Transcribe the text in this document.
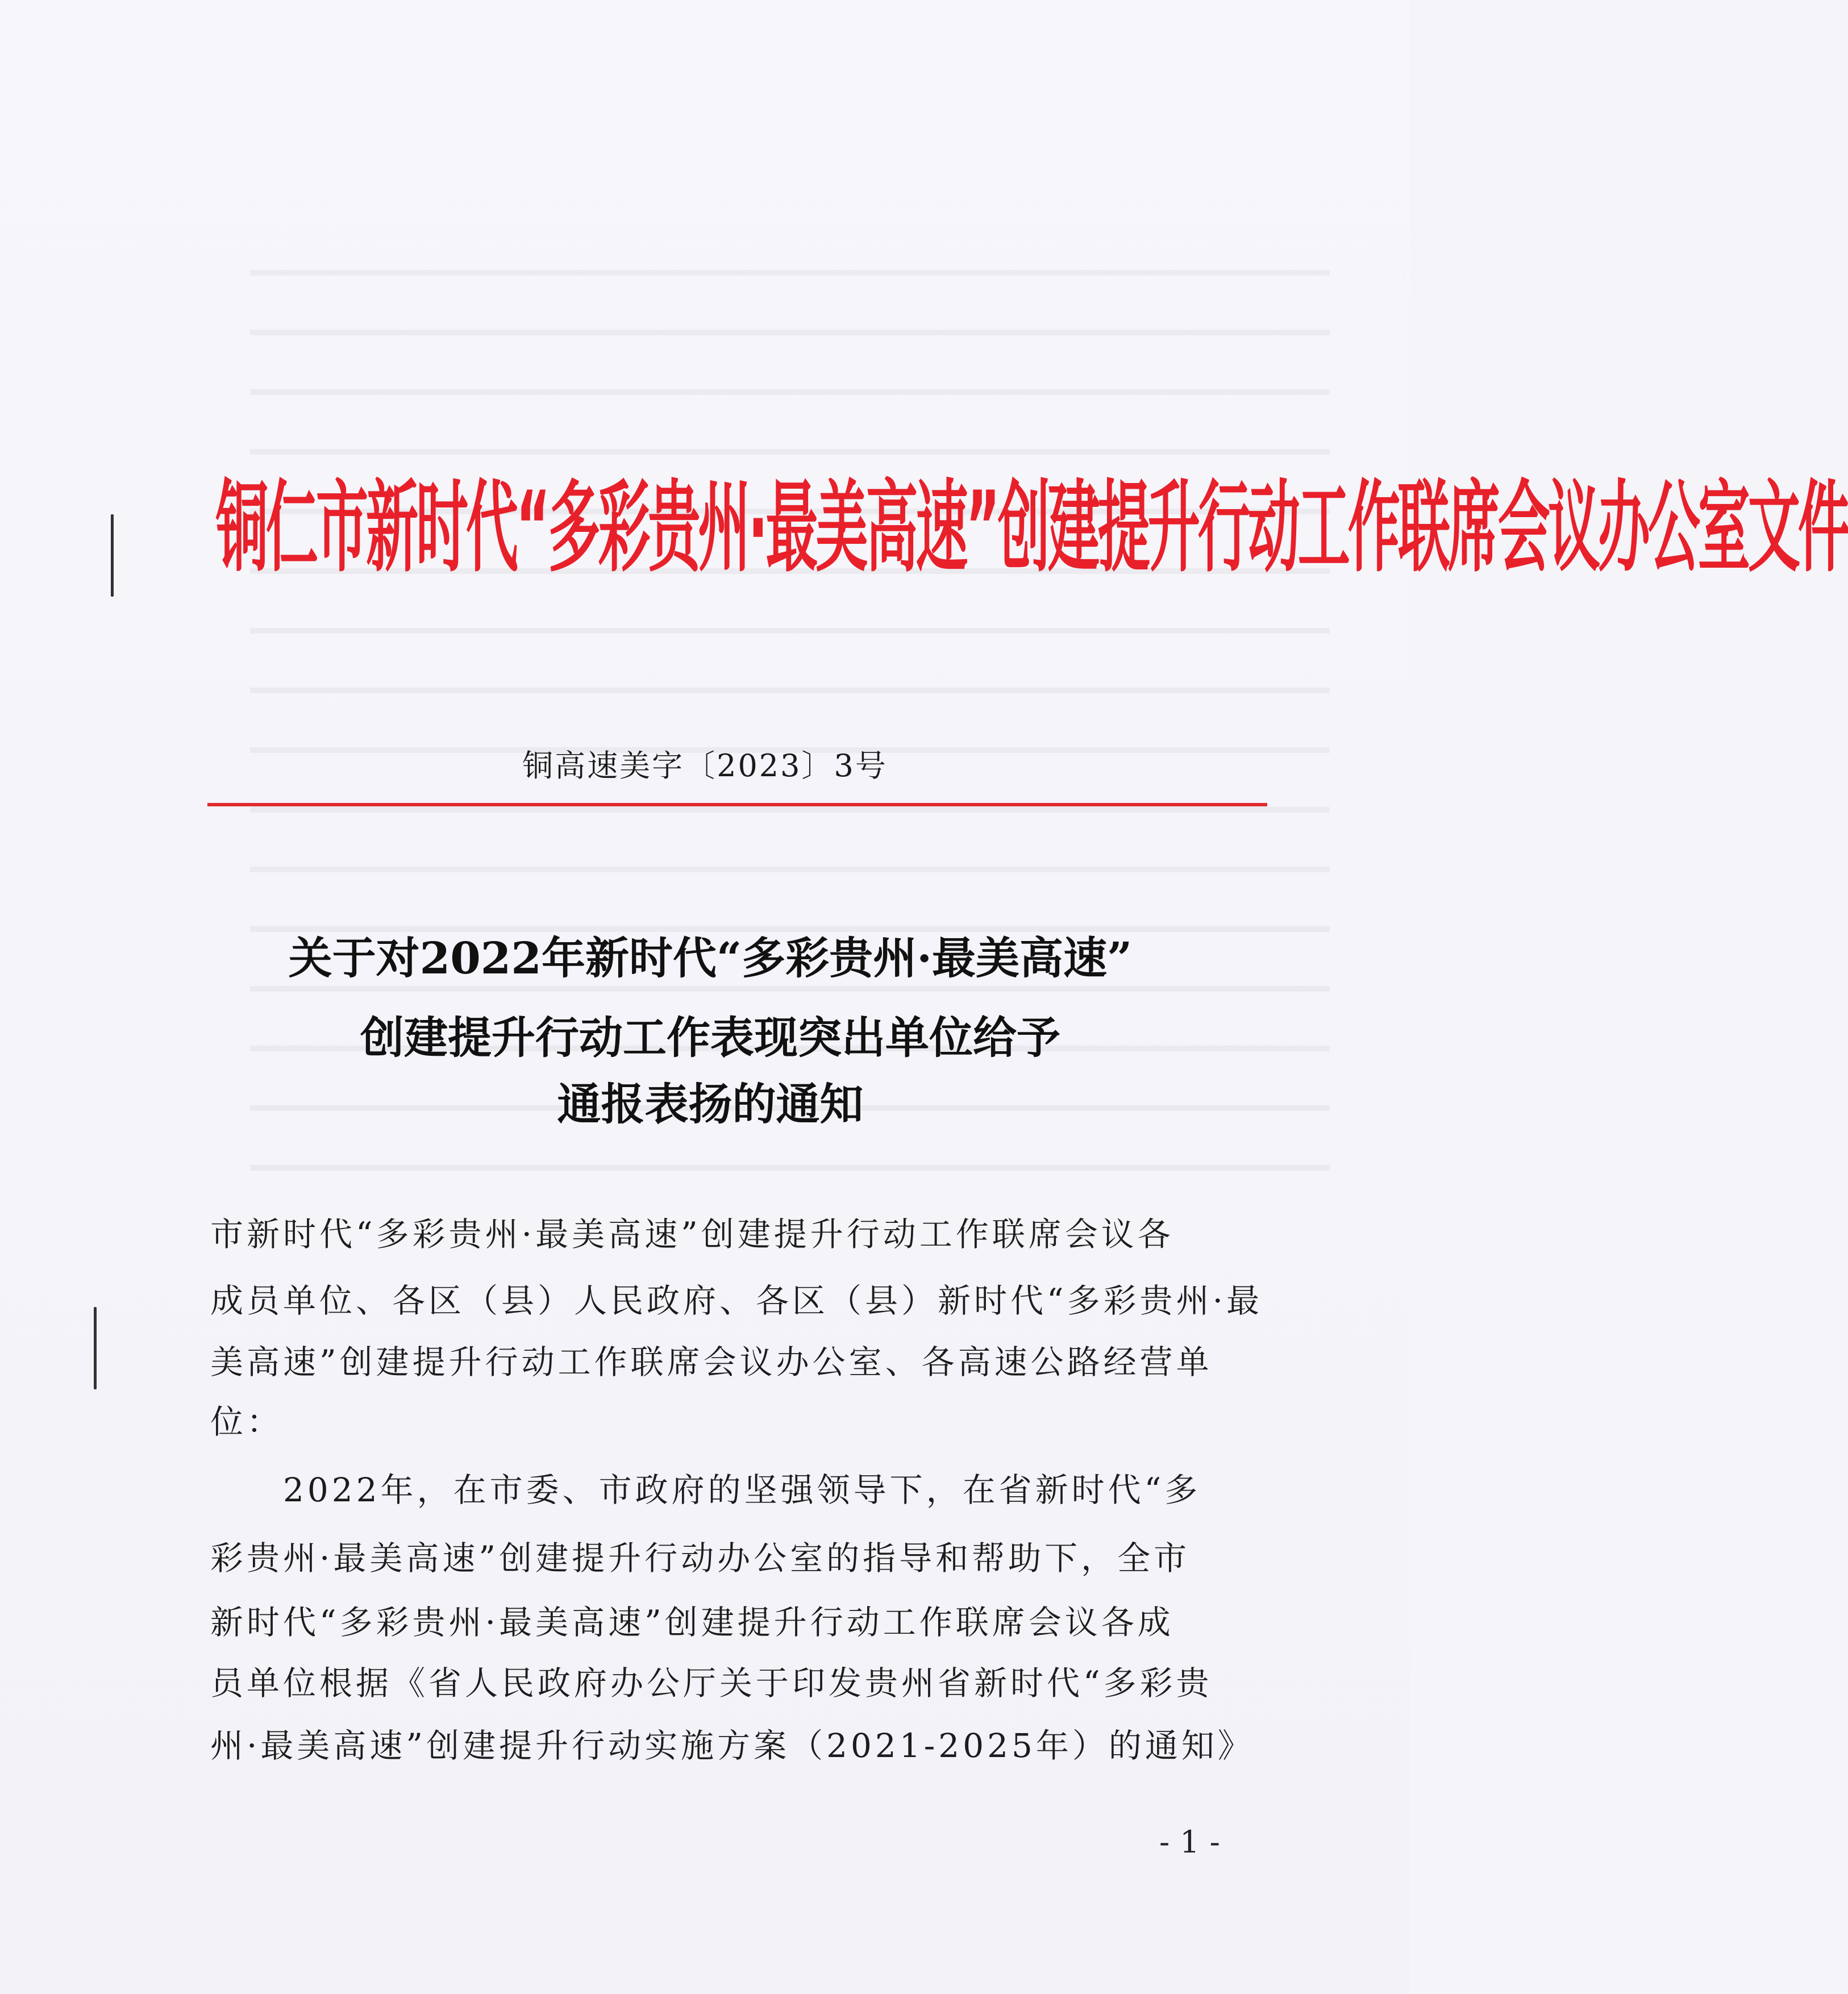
铜仁市新时代“多彩贵州·最美高速”创建提升行动工作联席会议办公室文件
铜高速美字〔2023〕3号
关于对2022年新时代“多彩贵州·最美高速”
创建提升行动工作表现突出单位给予
通报表扬的通知
市新时代“多彩贵州·最美高速”创建提升行动工作联席会议各
成员单位、各区（县）人民政府、各区（县）新时代“多彩贵州·最
美高速”创建提升行动工作联席会议办公室、各高速公路经营单
位：
　　2022年，在市委、市政府的坚强领导下，在省新时代“多
彩贵州·最美高速”创建提升行动办公室的指导和帮助下，全市
新时代“多彩贵州·最美高速”创建提升行动工作联席会议各成
员单位根据《省人民政府办公厅关于印发贵州省新时代“多彩贵
州·最美高速”创建提升行动实施方案（2021-2025年）的通知》
-1-
